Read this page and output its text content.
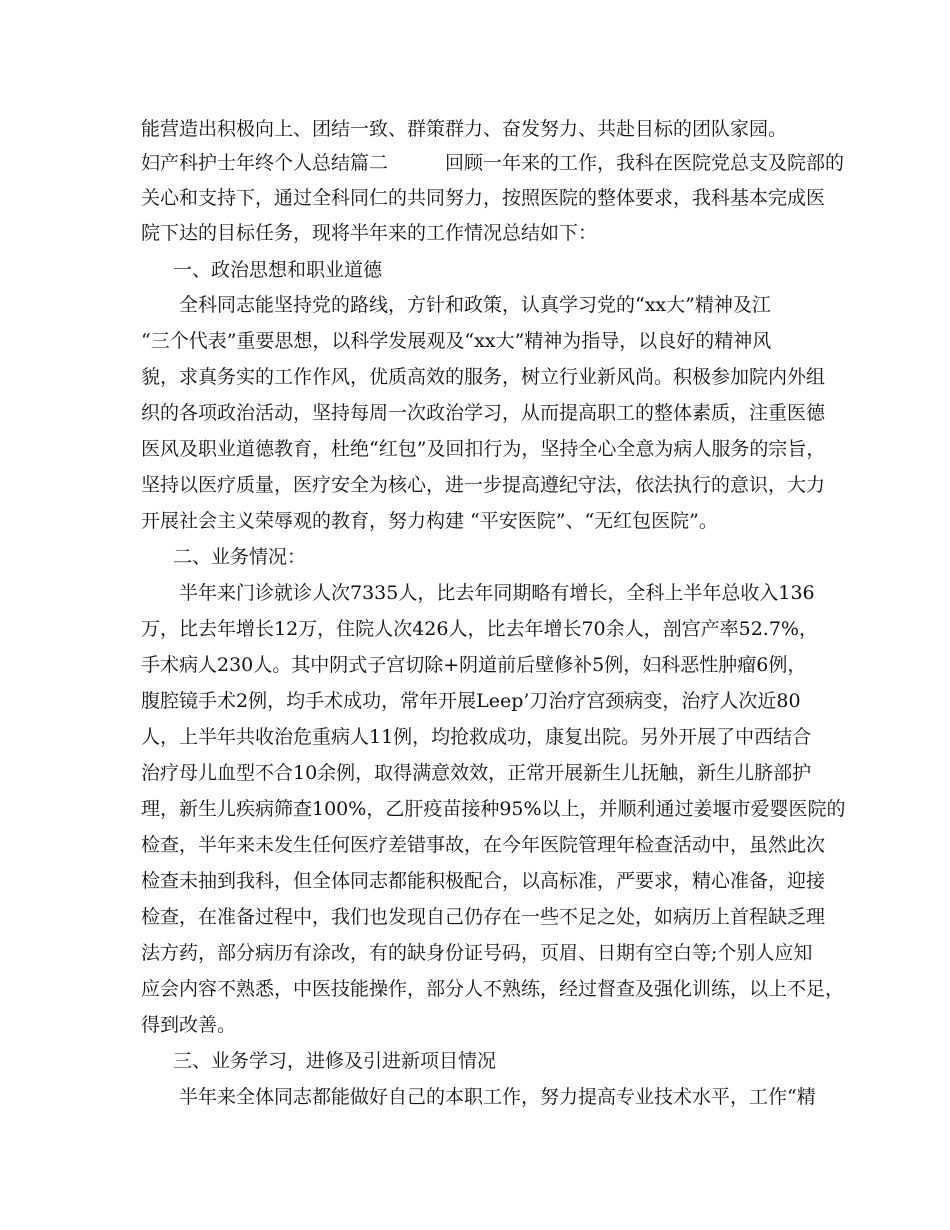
能营造出积极向上、团结一致、群策群力、奋发努力、共赴目标的团队家园。
妇产科护士年终个人总结篇二　　　回顾一年来的工作，我科在医院党总支及院部的
关心和支持下，通过全科同仁的共同努力，按照医院的整体要求，我科基本完成医
院下达的目标任务，现将半年来的工作情况总结如下：
一、政治思想和职业道德
全科同志能坚持党的路线，方针和政策，认真学习党的“xx大”精神及江
“三个代表”重要思想，以科学发展观及“xx大”精神为指导，以良好的精神风
貌，求真务实的工作作风，优质高效的服务，树立行业新风尚。积极参加院内外组
织的各项政治活动，坚持每周一次政治学习，从而提高职工的整体素质，注重医德
医风及职业道德教育，杜绝“红包”及回扣行为，坚持全心全意为病人服务的宗旨，
坚持以医疗质量，医疗安全为核心，进一步提高遵纪守法，依法执行的意识，大力
开展社会主义荣辱观的教育，努力构建 “平安医院”、“无红包医院”。
二、业务情况：
半年来门诊就诊人次7335人，比去年同期略有增长，全科上半年总收入136
万，比去年增长12万，住院人次426人，比去年增长70余人，剖宫产率52.7%，
手术病人230人。其中阴式子宫切除+阴道前后壁修补5例，妇科恶性肿瘤6例，
腹腔镜手术2例，均手术成功，常年开展Leep’刀治疗宫颈病变，治疗人次近80
人，上半年共收治危重病人11例，均抢救成功，康复出院。另外开展了中西结合
治疗母儿血型不合10余例，取得满意效效，正常开展新生儿抚触，新生儿脐部护
理，新生儿疾病筛查100%，乙肝疫苗接种95%以上，并顺利通过姜堰市爱婴医院的
检查，半年来未发生任何医疗差错事故，在今年医院管理年检查活动中，虽然此次
检查未抽到我科，但全体同志都能积极配合，以高标准，严要求，精心准备，迎接
检查，在准备过程中，我们也发现自己仍存在一些不足之处，如病历上首程缺乏理
法方药，部分病历有涂改，有的缺身份证号码，页眉、日期有空白等;个别人应知
应会内容不熟悉，中医技能操作，部分人不熟练，经过督查及强化训练，以上不足，
得到改善。
三、业务学习，进修及引进新项目情况
半年来全体同志都能做好自己的本职工作，努力提高专业技术水平，工作“精
